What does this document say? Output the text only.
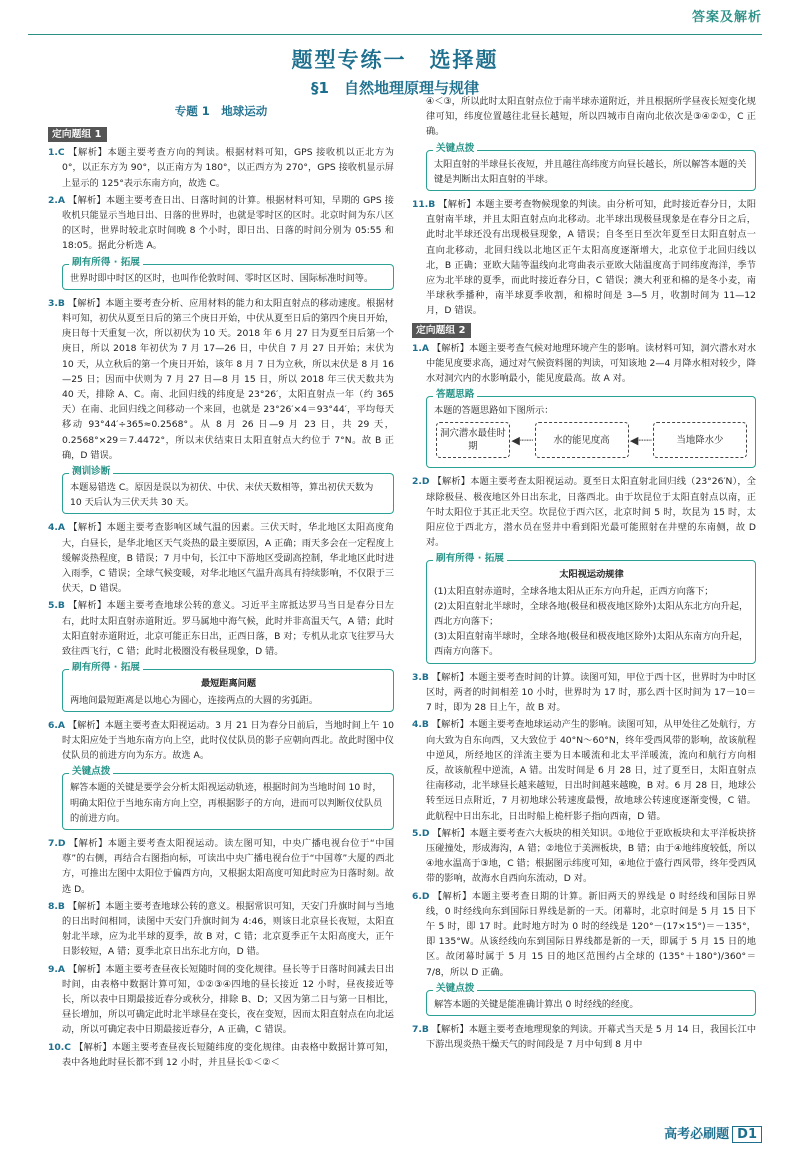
答案及解析
题型专练一　选择题
§1　自然地理原理与规律
专题 1　地球运动
定向题组 1
1.C 【解析】本题主要考查方向的判读。根据材料可知，GPS 接收机以正北方为 0°，以正东方为 90°，以正南方为 180°，以正西方为 270°，GPS 接收机显示屏上显示的 125°表示东南方向，故选 C。
2.A 【解析】本题主要考查日出、日落时间的计算。根据材料可知，早期的 GPS 接收机只能显示当地日出、日落的世界时，也就是零时区的区时。北京时间为东八区的区时，世界时较北京时间晚 8 个小时，即日出、日落的时间分别为 05:55 和 18:05。据此分析选 A。
刷有所得 · 拓展
世界时即中时区的区时，也叫作伦敦时间、零时区区时、国际标准时间等。
3.B 【解析】本题主要考查分析、应用材料的能力和太阳直射点的移动速度。根据材料可知，初伏从夏至日后的第三个庚日开始，中伏从夏至日后的第四个庚日开始，庚日每十天重复一次，所以初伏为 10 天。2018 年 6 月 27 日为夏至日后第一个庚日，所以 2018 年初伏为 7 月 17—26 日，中伏自 7 月 27 日开始；末伏为 10 天，从立秋后的第一个庚日开始，该年 8 月 7 日为立秋，所以末伏是 8 月 16—25 日；因而中伏则为 7 月 27 日—8 月 15 日，所以 2018 年三伏天数共为 40 天，排除 A、C。南、北回归线的纬度是 23°26′，太阳直射点一年（约 365 天）在南、北回归线之间移动一个来回，也就是 23°26′×4＝93°44′，平均每天移动 93°44′÷365≈0.2568°。从 8 月 26 日—9 月 23 日，共 29 天，0.2568°×29＝7.4472°，所以末伏结束日太阳直射点大约位于 7°N。故 B 正确，D 错误。
测训诊断
本题易错选 C。原因是误以为初伏、中伏、末伏天数相等，算出初伏天数为 10 天后认为三伏天共 30 天。
4.A 【解析】本题主要考查影响区域气温的因素。三伏天时，华北地区太阳高度角大，白昼长，是华北地区天气炎热的最主要原因，A 正确；雨天多会在一定程度上缓解炎热程度，B 错误；7 月中旬，长江中下游地区受副高控制，华北地区此时进入雨季，C 错误；全球气候变暖，对华北地区气温升高具有持续影响，不仅限于三伏天，D 错误。
5.B 【解析】本题主要考查地球公转的意义。习近平主席抵达罗马当日是春分日左右，此时太阳直射赤道附近。罗马属地中海气候，此时并非高温天气，A 错；此时太阳直射赤道附近，北京可能正东日出，正西日落，B 对；专机从北京飞往罗马大致往西飞行，C 错；此时北极圈没有极昼现象，D 错。
刷有所得 · 拓展
最短距离问题
两地间最短距离是以地心为圆心，连接两点的大圆的劣弧距。
6.A 【解析】本题主要考查太阳视运动。3 月 21 日为春分日前后，当地时间上午 10 时太阳应处于当地东南方向上空，此时仪仗队员的影子应朝向西北。故此时图中仪仗队员的前进方向为东方。故选 A。
关键点拨
解答本题的关键是要学会分析太阳视运动轨迹，根据时间为当地时间 10 时，明确太阳位于当地东南方向上空，再根据影子的方向，进而可以判断仪仗队员的前进方向。
7.D 【解析】本题主要考查太阳视运动。读左图可知，中央广播电视台位于“中国尊”的右侧，再结合右图指向标，可读出中央广播电视台位于“中国尊”大厦的西北方，可推出左图中太阳位于偏西方向，又根据太阳高度可知此时应为日落时刻。故选 D。
8.B 【解析】本题主要考查地球公转的意义。根据常识可知，天安门升旗时间与当地的日出时间相同，读图中天安门升旗时间为 4:46，则该日北京昼长夜短，太阳直射北半球，应为北半球的夏季，故 B 对，C 错；北京夏季正午太阳高度大，正午日影较短，A 错；夏季北京日出东北方向，D 错。
9.A 【解析】本题主要考查昼夜长短随时间的变化规律。昼长等于日落时间减去日出时间，由表格中数据计算可知，①②③④四地的昼长接近 12 小时，昼夜接近等长，所以表中日期最接近春分或秋分，排除 B、D；又因为第二日与第一日相比，昼长增加，所以可确定此时北半球昼在变长，夜在变短，因而太阳直射点在向北运动，所以可确定表中日期最接近春分，A 正确，C 错误。
10.C 【解析】本题主要考查昼夜长短随纬度的变化规律。由表格中数据计算可知，表中各地此时昼长都不到 12 小时，并且昼长①＜②＜
④＜③，所以此时太阳直射点位于南半球赤道附近，并且根据所学昼夜长短变化规律可知，纬度位置越往北昼长越短，所以四城市自南向北依次是③④②①，C 正确。
关键点拨
太阳直射的半球昼长夜短，并且越往高纬度方向昼长越长，所以解答本题的关键是判断出太阳直射的半球。
11.B 【解析】本题主要考查物候现象的判读。由分析可知，此时接近春分日，太阳直射南半球，并且太阳直射点向北移动。北半球出现极昼现象是在春分日之后，此时北半球还没有出现极昼现象，A 错误；自冬至日至次年夏至日太阳直射点一直向北移动，北回归线以北地区正午太阳高度逐渐增大，北京位于北回归线以北，B 正确；亚欧大陆等温线向北弯曲表示亚欧大陆温度高于同纬度海洋，季节应为北半球的夏季，而此时接近春分日，C 错误；澳大利亚和棉的是冬小麦，南半球秋季播种，南半球夏季收割，和棉时间是 3—5 月，收割时间为 11—12 月，D 错误。
定向题组 2
1.A 【解析】本题主要考查气候对地理环境产生的影响。读材料可知，洞穴潜水对水中能见度要求高，通过对气候资料图的判读，可知该地 2—4 月降水相对较少，降水对洞穴内的水影响最小，能见度最高。故 A 对。
答题思路
本题的答题思路如下图所示：
洞穴潜水最佳时期
◀┈┈	水的能见度高	◀┈┈	当地降水少
2.D 【解析】本题主要考查太阳视运动。夏至日太阳直射北回归线（23°26′N），全球除极昼、极夜地区外日出东北，日落西北。由于坎昆位于太阳直射点以南，正午时太阳位于其正北天空。坎昆位于西六区，北京时间 5 时，坎昆为 15 时，太阳应位于西北方，潜水员在竖井中看到阳光最可能照射在井壁的东南侧，故 D 对。
刷有所得 · 拓展
太阳视运动规律
(1)太阳直射赤道时，全球各地太阳从正东方向升起，正西方向落下；
(2)太阳直射北半球时，全球各地(极昼和极夜地区除外)太阳从东北方向升起，西北方向落下；
(3)太阳直射南半球时，全球各地(极昼和极夜地区除外)太阳从东南方向升起，西南方向落下。
3.B 【解析】本题主要考查时间的计算。读图可知，甲位于西十区，世界时为中时区区时，两者的时间相差 10 小时，世界时为 17 时，那么西十区时间为 17－10＝7 时，即为 28 日上午，故 B 对。
4.B 【解析】本题主要考查地球运动产生的影响。读图可知，从甲处往乙处航行，方向大致为自东向西，又大致位于 40°N～60°N，终年受西风带的影响，故该航程中逆风，所经地区的洋流主要为日本暖流和北太平洋暖流，流向和航行方向相反，故该航程中逆流，A 错。出发时间是 6 月 28 日，过了夏至日，太阳直射点往南移动，北半球昼长越来越短，日出时间越来越晚，B 对。6 月 28 日，地球公转至远日点附近，7 月初地球公转速度最慢，故地球公转速度逐渐变慢，C 错。此航程中日出东北，日出时船上桅杆影子指向西南，D 错。
5.D 【解析】本题主要考查六大板块的相关知识。①地位于亚欧板块和太平洋板块挤压碰撞处，形成海沟，A 错；②地位于美洲板块，B 错；由于④地纬度较低，所以④地水温高于③地，C 错；根据图示纬度可知，④地位于盛行西风带，终年受西风带的影响，故海水自西向东流动，D 对。
6.D 【解析】本题主要考查日期的计算。新旧两天的界线是 0 时经线和国际日界线，0 时经线向东到国际日界线是新的一天。闭幕时，北京时间是 5 月 15 日下午 5 时，即 17 时。此时地方时为 0 时的经线是 120°－(17×15°)＝－135°，即 135°W。从该经线向东到国际日界线都是新的一天，即属于 5 月 15 日的地区。故闭幕时属于 5 月 15 日的地区范围约占全球的 (135°＋180°)/360°＝7/8，所以 D 正确。
关键点拨
解答本题的关键是能准确计算出 0 时经线的经度。
7.B 【解析】本题主要考查地理现象的判读。开幕式当天是 5 月 14 日，我国长江中下游出现炎热干燥天气的时间段是 7 月中旬到 8 月中
高考必刷题 D1
